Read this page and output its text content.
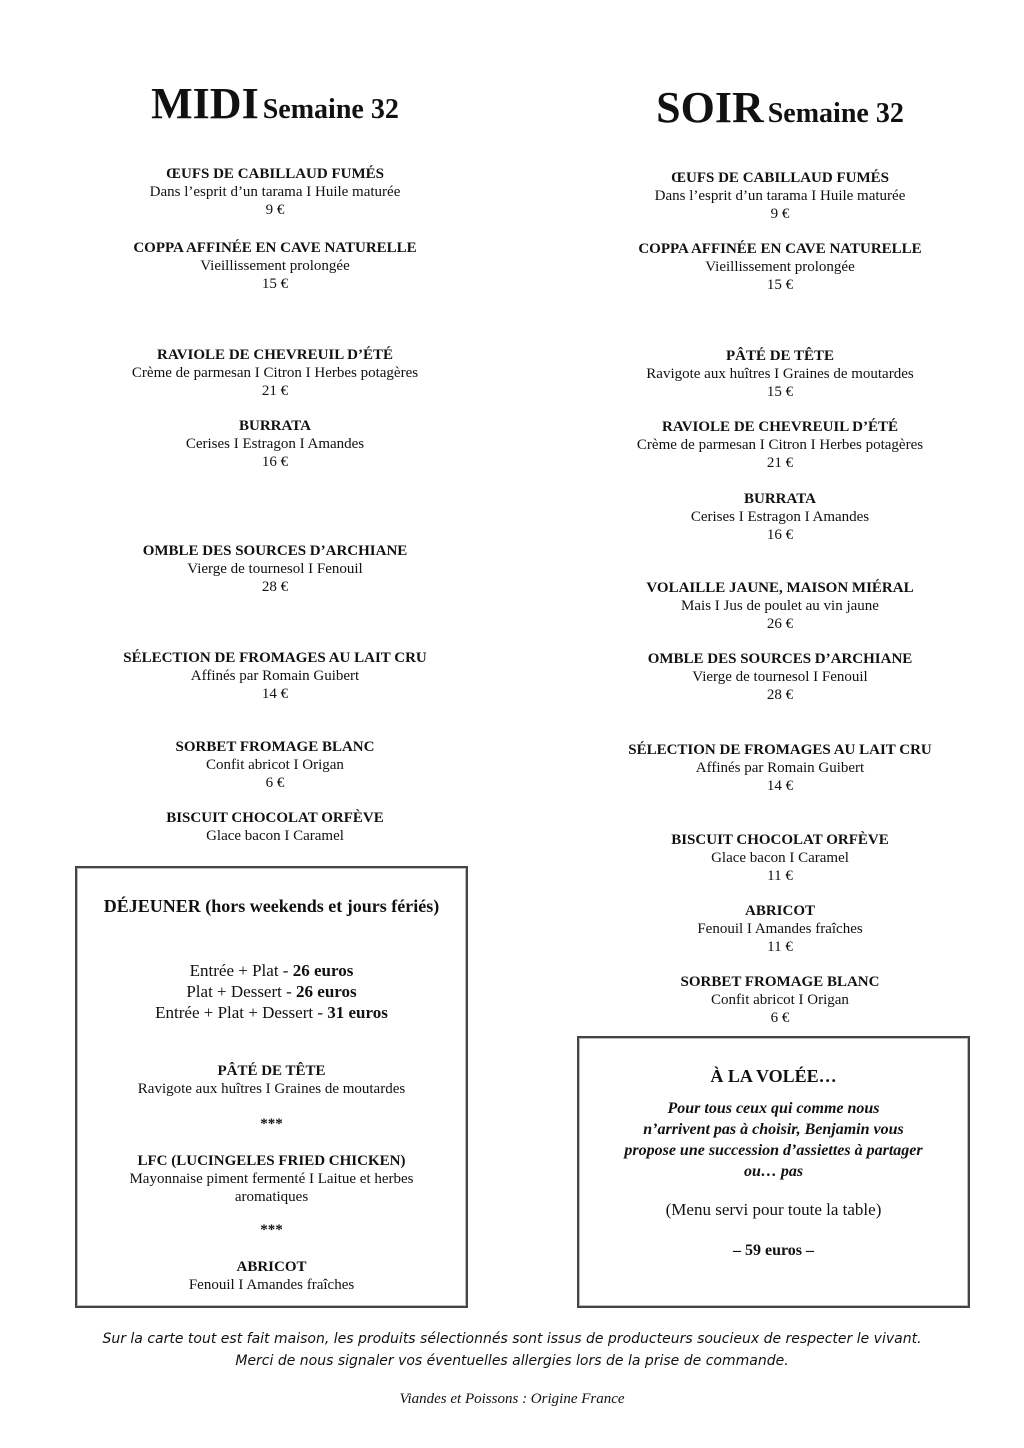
MIDI Semaine 32	SOIR Semaine 32
ŒUFS DE CABILLAUD FUMÉS
Dans l’esprit d’un tarama I Huile maturée
9 €
COPPA AFFINÉE EN CAVE NATURELLE
Vieillissement prolongée
15 €
RAVIOLE DE CHEVREUIL D’ÉTÉ
Crème de parmesan I Citron I Herbes potagères
21 €
BURRATA
Cerises I Estragon I Amandes
16 €
OMBLE DES SOURCES D’ARCHIANE
Vierge de tournesol I Fenouil
28 €
SÉLECTION DE FROMAGES AU LAIT CRU
Affinés par Romain Guibert
14 €
SORBET FROMAGE BLANC
Confit abricot I Origan
6 €
BISCUIT CHOCOLAT ORFÈVE
Glace bacon I Caramel
DÉJEUNER (hors weekends et jours fériés)
Entrée + Plat - 26 euros
Plat + Dessert - 26 euros
Entrée + Plat + Dessert - 31 euros
PÂTÉ DE TÊTE
Ravigote aux huîtres I Graines de moutardes
***
LFC (LUCINGELES FRIED CHICKEN)
Mayonnaise piment fermenté I Laitue et herbes aromatiques
***
ABRICOT
Fenouil I Amandes fraîches
ŒUFS DE CABILLAUD FUMÉS
Dans l’esprit d’un tarama I Huile maturée
9 €
COPPA AFFINÉE EN CAVE NATURELLE
Vieillissement prolongée
15 €
PÂTÉ DE TÊTE
Ravigote aux huîtres I Graines de moutardes
15 €
RAVIOLE DE CHEVREUIL D’ÉTÉ
Crème de parmesan I Citron I Herbes potagères
21 €
BURRATA
Cerises I Estragon I Amandes
16 €
VOLAILLE JAUNE, MAISON MIÉRAL
Mais I Jus de poulet au vin jaune
26 €
OMBLE DES SOURCES D’ARCHIANE
Vierge de tournesol I Fenouil
28 €
SÉLECTION DE FROMAGES AU LAIT CRU
Affinés par Romain Guibert
14 €
BISCUIT CHOCOLAT ORFÈVE
Glace bacon I Caramel
11 €
ABRICOT
Fenouil I Amandes fraîches
11 €
SORBET FROMAGE BLANC
Confit abricot I Origan
6 €
À LA VOLÉE…
Pour tous ceux qui comme nous
n’arrivent pas à choisir, Benjamin vous
propose une succession d’assiettes à partager
ou… pas
(Menu servi pour toute la table)
– 59 euros –
Sur la carte tout est fait maison, les produits sélectionnés sont issus de producteurs soucieux de respecter le vivant.
Merci de nous signaler vos éventuelles allergies lors de la prise de commande.
Viandes et Poissons : Origine France
